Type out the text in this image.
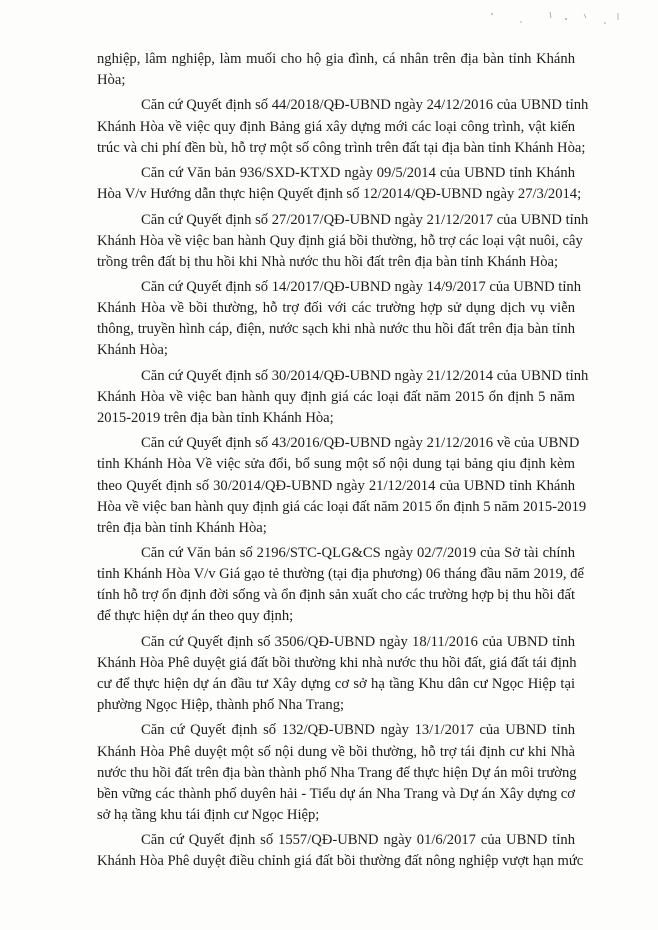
nghiệp, lâm nghiệp, làm muối cho hộ gia đình, cá nhân trên địa bàn tỉnh Khánh
Hòa;

Căn cứ Quyết định số 44/2018/QĐ-UBND ngày 24/12/2016 của UBND tỉnh
Khánh Hòa về việc quy định Bảng giá xây dựng mới các loại công trình, vật kiến
trúc và chi phí đền bù, hỗ trợ một số công trình trên đất tại địa bàn tỉnh Khánh Hòa;

Căn cứ Văn bản 936/SXD-KTXD ngày 09/5/2014 của UBND tỉnh Khánh
Hòa V/v Hướng dẫn thực hiện Quyết định số 12/2014/QĐ-UBND ngày 27/3/2014;

Căn cứ Quyết định số 27/2017/QĐ-UBND ngày 21/12/2017 của UBND tỉnh
Khánh Hòa về việc ban hành Quy định giá bồi thường, hỗ trợ các loại vật nuôi, cây
trồng trên đất bị thu hồi khi Nhà nước thu hồi đất trên địa bàn tỉnh Khánh Hòa;

Căn cứ Quyết định số 14/2017/QĐ-UBND ngày 14/9/2017 của UBND tỉnh
Khánh Hòa về bồi thường, hỗ trợ đối với các trường hợp sử dụng dịch vụ viễn
thông, truyền hình cáp, điện, nước sạch khi nhà nước thu hồi đất trên địa bàn tỉnh
Khánh Hòa;

Căn cứ Quyết định số 30/2014/QĐ-UBND ngày 21/12/2014 của UBND tỉnh
Khánh Hòa về việc ban hành quy định giá các loại đất năm 2015 ổn định 5 năm
2015-2019 trên địa bàn tỉnh Khánh Hòa;

Căn cứ Quyết định số 43/2016/QĐ-UBND ngày 21/12/2016 về của UBND
tỉnh Khánh Hòa Về việc sửa đổi, bổ sung một số nội dung tại bảng qiu định kèm
theo Quyết định số 30/2014/QĐ-UBND ngày 21/12/2014 của UBND tỉnh Khánh
Hòa về việc ban hành quy định giá các loại đất năm 2015 ổn định 5 năm 2015-2019
trên địa bàn tỉnh Khánh Hòa;

Căn cứ Văn bản số 2196/STC-QLG&CS ngày 02/7/2019 của Sở tài chính
tỉnh Khánh Hòa V/v Giá gạo tẻ thường (tại địa phương) 06 tháng đầu năm 2019, để
tính hỗ trợ ổn định đời sống và ổn định sản xuất cho các trường hợp bị thu hồi đất
để thực hiện dự án theo quy định;

Căn cứ Quyết định số 3506/QĐ-UBND ngày 18/11/2016 của UBND tỉnh
Khánh Hòa Phê duyệt giá đất bồi thường khi nhà nước thu hồi đất, giá đất tái định
cư để thực hiện dự án đầu tư Xây dựng cơ sở hạ tầng Khu dân cư Ngọc Hiệp tại
phường Ngọc Hiệp, thành phố Nha Trang;

Căn cứ Quyết định số 132/QĐ-UBND ngày 13/1/2017 của UBND tỉnh
Khánh Hòa Phê duyệt một số nội dung về bồi thường, hỗ trợ tái định cư khi Nhà
nước thu hồi đất trên địa bàn thành phố Nha Trang để thực hiện Dự án môi trường
bền vững các thành phố duyên hải - Tiểu dự án Nha Trang và Dự án Xây dựng cơ
sở hạ tầng khu tái định cư Ngọc Hiệp;

Căn cứ Quyết định số 1557/QĐ-UBND ngày 01/6/2017 của UBND tỉnh
Khánh Hòa Phê duyệt điều chỉnh giá đất bồi thường đất nông nghiệp vượt hạn mức
